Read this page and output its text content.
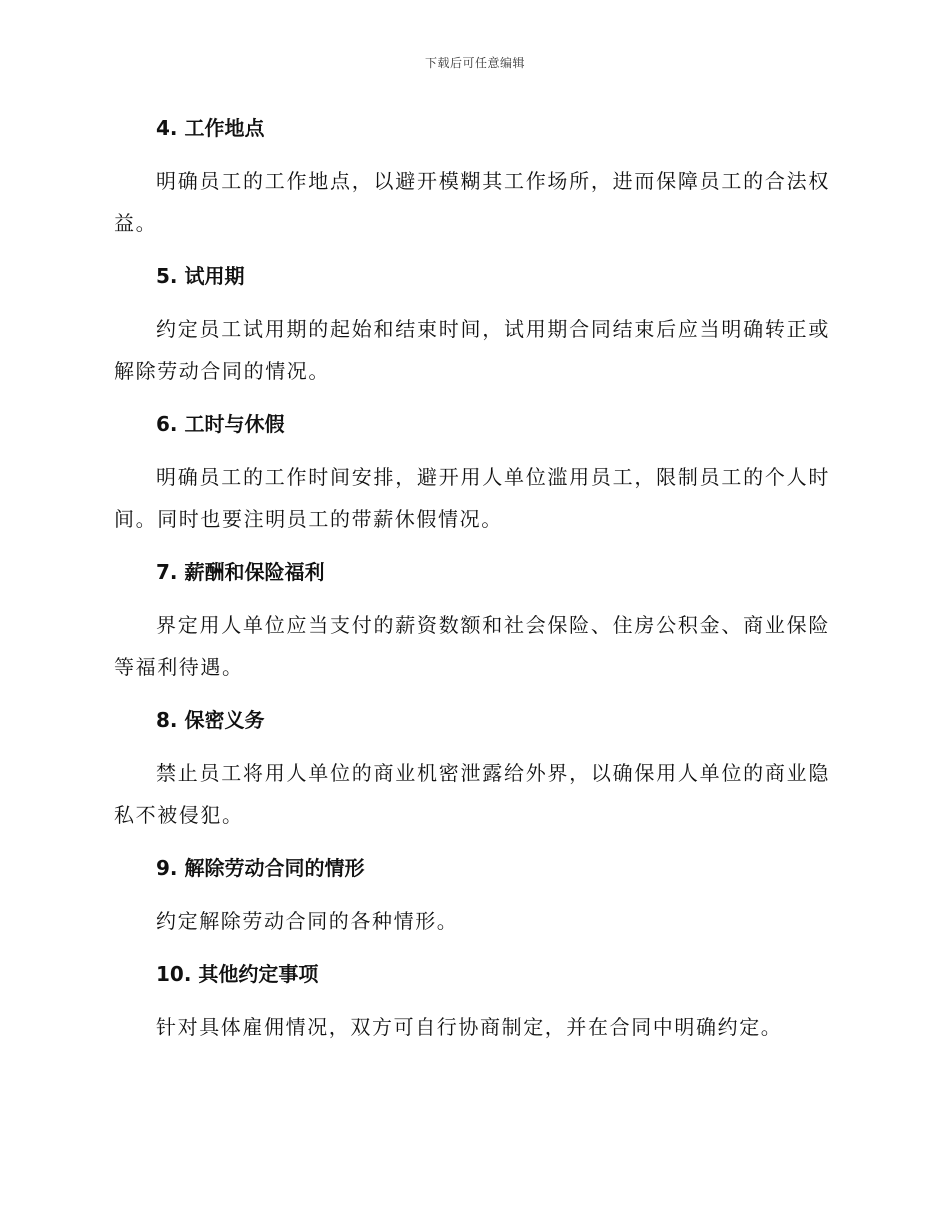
下载后可任意编辑
4. 工作地点

明确员工的工作地点，以避开模糊其工作场所，进而保障员工的合法权益。

5. 试用期

约定员工试用期的起始和结束时间，试用期合同结束后应当明确转正或解除劳动合同的情况。

6. 工时与休假

明确员工的工作时间安排，避开用人单位滥用员工，限制员工的个人时间。同时也要注明员工的带薪休假情况。

7. 薪酬和保险福利

界定用人单位应当支付的薪资数额和社会保险、住房公积金、商业保险等福利待遇。

8. 保密义务

禁止员工将用人单位的商业机密泄露给外界，以确保用人单位的商业隐私不被侵犯。

9. 解除劳动合同的情形

约定解除劳动合同的各种情形。

10. 其他约定事项

针对具体雇佣情况，双方可自行协商制定，并在合同中明确约定。
